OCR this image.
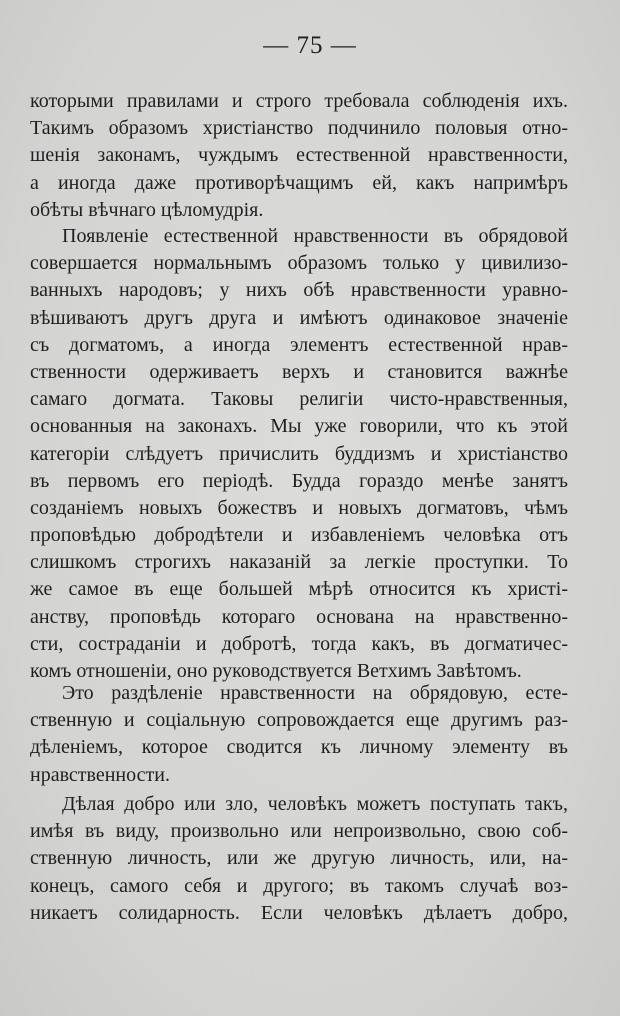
— 75 —
которыми правилами и строго требовала соблюденія ихъ.
Такимъ образомъ христіанство подчинило половыя отно-
шенія законамъ, чуждымъ естественной нравственности,
а иногда даже противорѣчащимъ ей, какъ напримѣръ
обѣты вѣчнаго цѣломудрія.
Появленіе естественной нравственности въ обрядовой
совершается нормальнымъ образомъ только у цивилизо-
ванныхъ народовъ; у нихъ обѣ нравственности уравно-
вѣшиваютъ другъ друга и имѣютъ одинаковое значеніе
съ догматомъ, а иногда элементъ естественной нрав-
ственности одерживаетъ верхъ и становится важнѣе
самаго догмата. Таковы религіи чисто-нравственныя,
основанныя на законахъ. Мы уже говорили, что къ этой
категоріи слѣдуетъ причислить буддизмъ и христіанство
въ первомъ его періодѣ. Будда гораздо менѣе занятъ
созданіемъ новыхъ божествъ и новыхъ догматовъ, чѣмъ
проповѣдью добродѣтели и избавленіемъ человѣка отъ
слишкомъ строгихъ наказаній за легкіе проступки. То
же самое въ еще большей мѣрѣ относится къ христі-
анству, проповѣдь котораго основана на нравственно-
сти, состраданіи и добротѣ, тогда какъ, въ догматичес-
комъ отношеніи, оно руководствуется Ветхимъ Завѣтомъ.
Это раздѣленіе нравственности на обрядовую, есте-
ственную и соціальную сопровождается еще другимъ раз-
дѣленіемъ, которое сводится къ личному элементу въ
нравственности.
Дѣлая добро или зло, человѣкъ можетъ поступать такъ,
имѣя въ виду, произвольно или непроизвольно, свою соб-
ственную личность, или же другую личность, или, на-
конецъ, самого себя и другого; въ такомъ случаѣ воз-
никаетъ солидарность. Если человѣкъ дѣлаетъ добро,
